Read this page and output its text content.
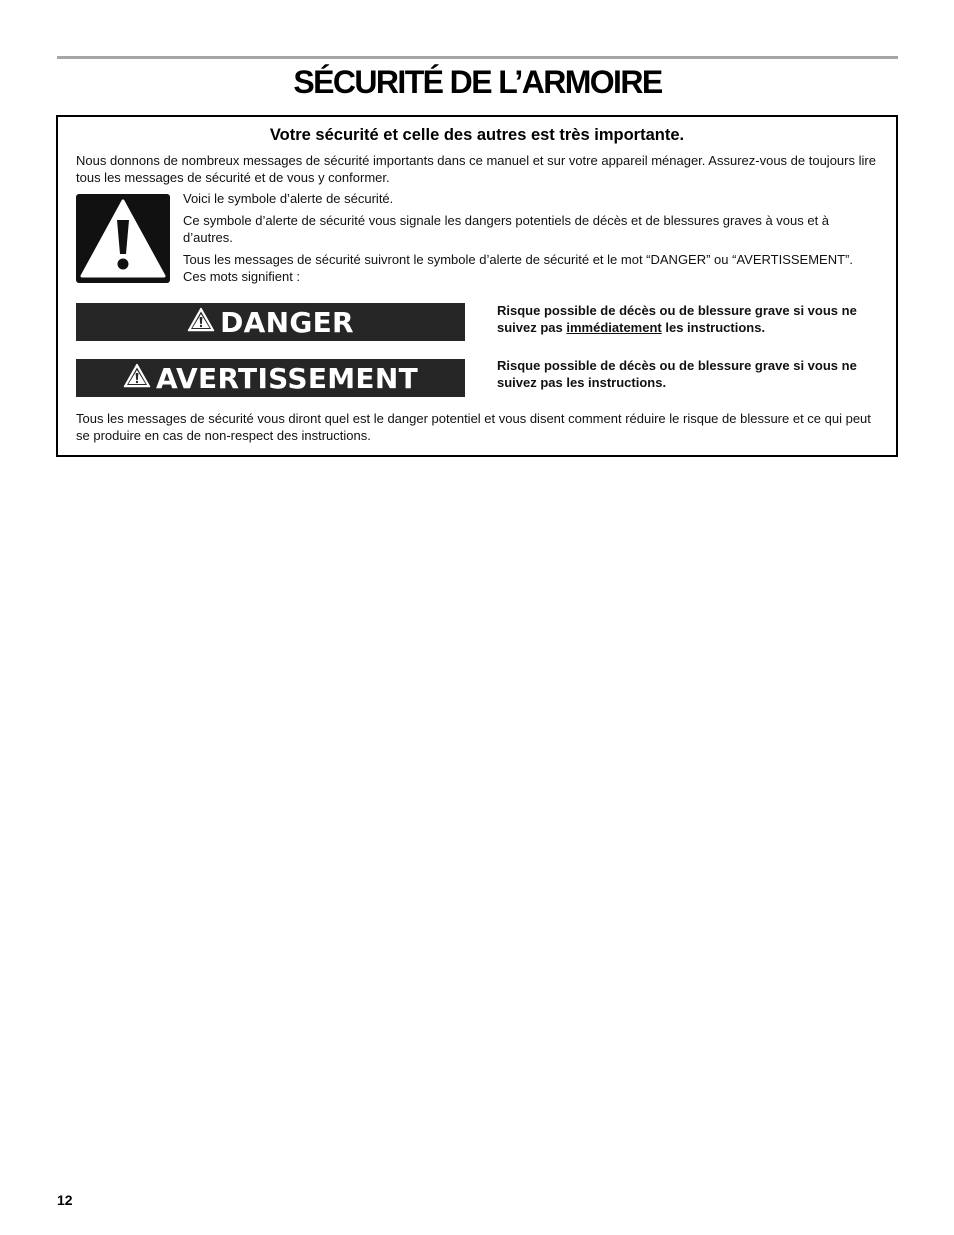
SÉCURITÉ DE L’ARMOIRE
Votre sécurité et celle des autres est très importante.

Nous donnons de nombreux messages de sécurité importants dans ce manuel et sur votre appareil ménager. Assurez-vous de toujours lire tous les messages de sécurité et de vous y conformer.

Voici le symbole d’alerte de sécurité.

Ce symbole d’alerte de sécurité vous signale les dangers potentiels de décès et de blessures graves à vous et à d’autres.

Tous les messages de sécurité suivront le symbole d’alerte de sécurité et le mot “DANGER” ou “AVERTISSEMENT”. Ces mots signifient :

DANGER	Risque possible de décès ou de blessure grave si vous ne suivez pas immédiatement les instructions.

AVERTISSEMENT	Risque possible de décès ou de blessure grave si vous ne suivez pas les instructions.

Tous les messages de sécurité vous diront quel est le danger potentiel et vous disent comment réduire le risque de blessure et ce qui peut se produire en cas de non-respect des instructions.

12
